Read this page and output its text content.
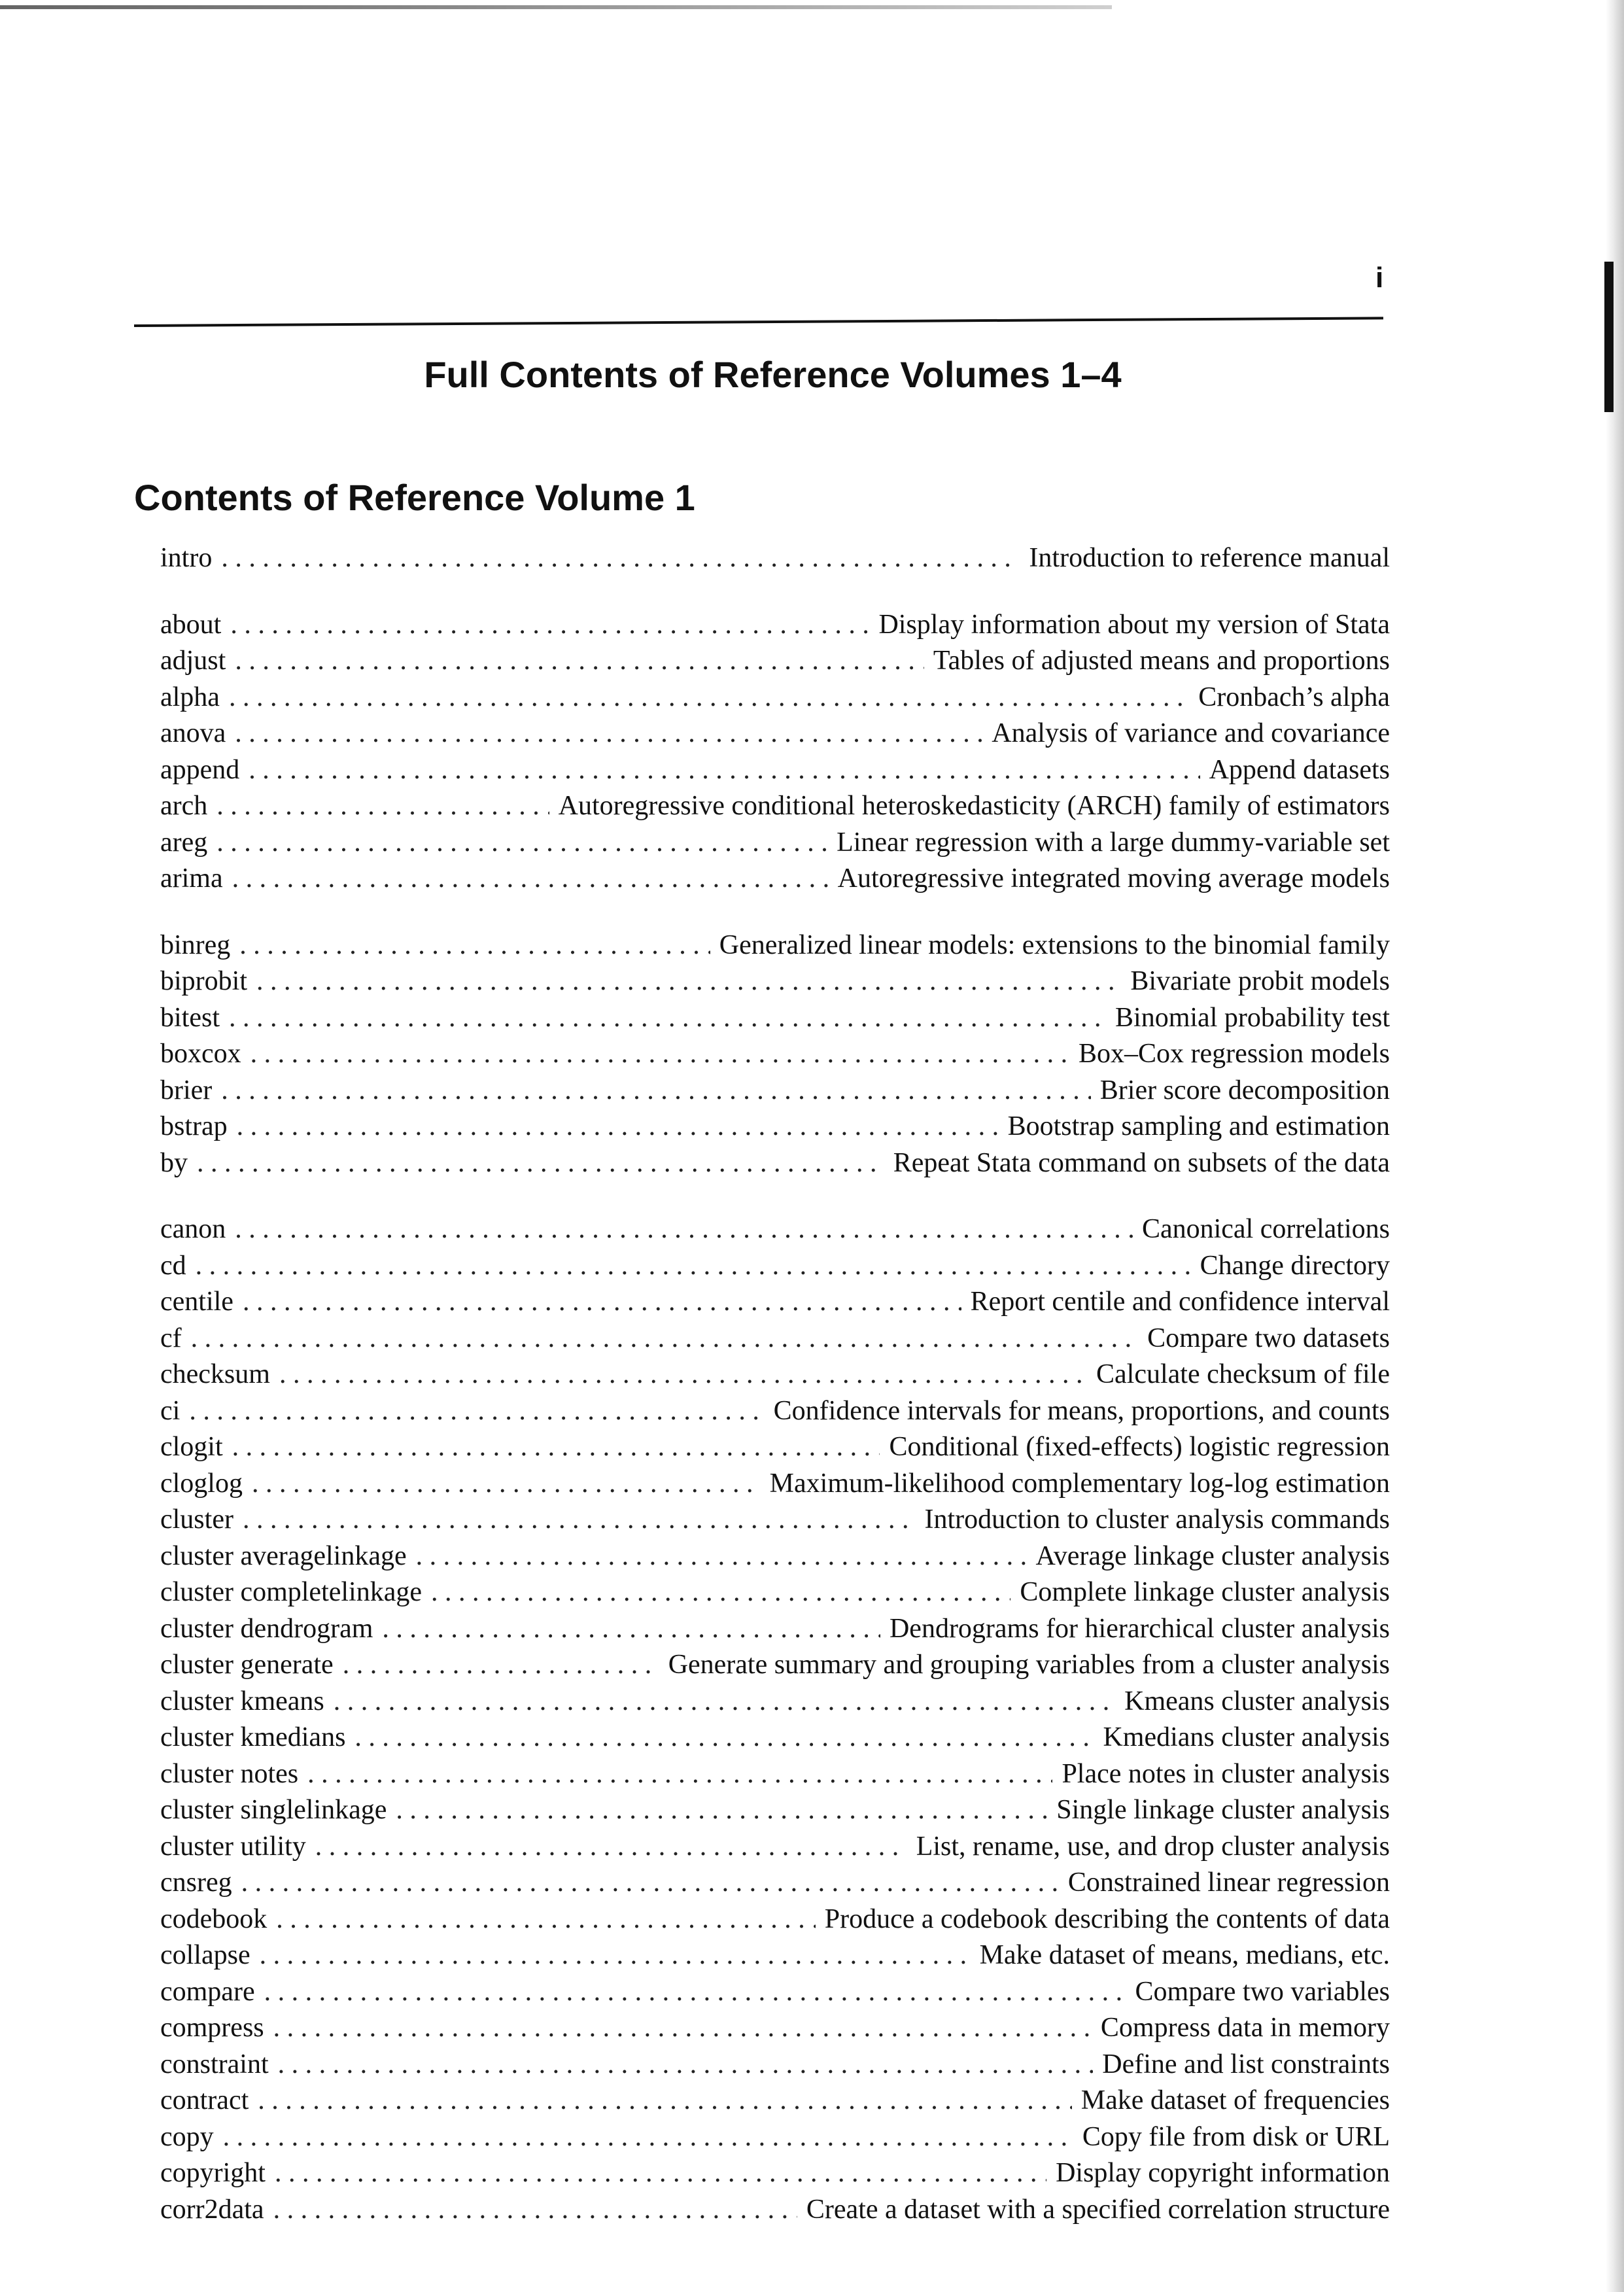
i
Full Contents of Reference Volumes 1–4
Contents of Reference Volume 1
intro . . .	Introduction to reference manual
about . . .	Display information about my version of Stata
adjust . . .	Tables of adjusted means and proportions
alpha . . .	Cronbach’s alpha
anova . . .	Analysis of variance and covariance
append . . .	Append datasets
arch . . .	Autoregressive conditional heteroskedasticity (ARCH) family of estimators
areg . . .	Linear regression with a large dummy-variable set
arima . . .	Autoregressive integrated moving average models
binreg . . .	Generalized linear models: extensions to the binomial family
biprobit . . .	Bivariate probit models
bitest . . .	Binomial probability test
boxcox . . .	Box–Cox regression models
brier . . .	Brier score decomposition
bstrap . . .	Bootstrap sampling and estimation
by . . .	Repeat Stata command on subsets of the data
canon . . .	Canonical correlations
cd . . .	Change directory
centile . . .	Report centile and confidence interval
cf . . .	Compare two datasets
checksum . . .	Calculate checksum of file
ci . . .	Confidence intervals for means, proportions, and counts
clogit . . .	Conditional (fixed-effects) logistic regression
cloglog . . .	Maximum-likelihood complementary log-log estimation
cluster . . .	Introduction to cluster analysis commands
cluster averagelinkage . . .	Average linkage cluster analysis
cluster completelinkage . . .	Complete linkage cluster analysis
cluster dendrogram . . .	Dendrograms for hierarchical cluster analysis
cluster generate . . .	Generate summary and grouping variables from a cluster analysis
cluster kmeans . . .	Kmeans cluster analysis
cluster kmedians . . .	Kmedians cluster analysis
cluster notes . . .	Place notes in cluster analysis
cluster singlelinkage . . .	Single linkage cluster analysis
cluster utility . . .	List, rename, use, and drop cluster analysis
cnsreg . . .	Constrained linear regression
codebook . . .	Produce a codebook describing the contents of data
collapse . . .	Make dataset of means, medians, etc.
compare . . .	Compare two variables
compress . . .	Compress data in memory
constraint . . .	Define and list constraints
contract . . .	Make dataset of frequencies
copy . . .	Copy file from disk or URL
copyright . . .	Display copyright information
corr2data . . .	Create a dataset with a specified correlation structure
